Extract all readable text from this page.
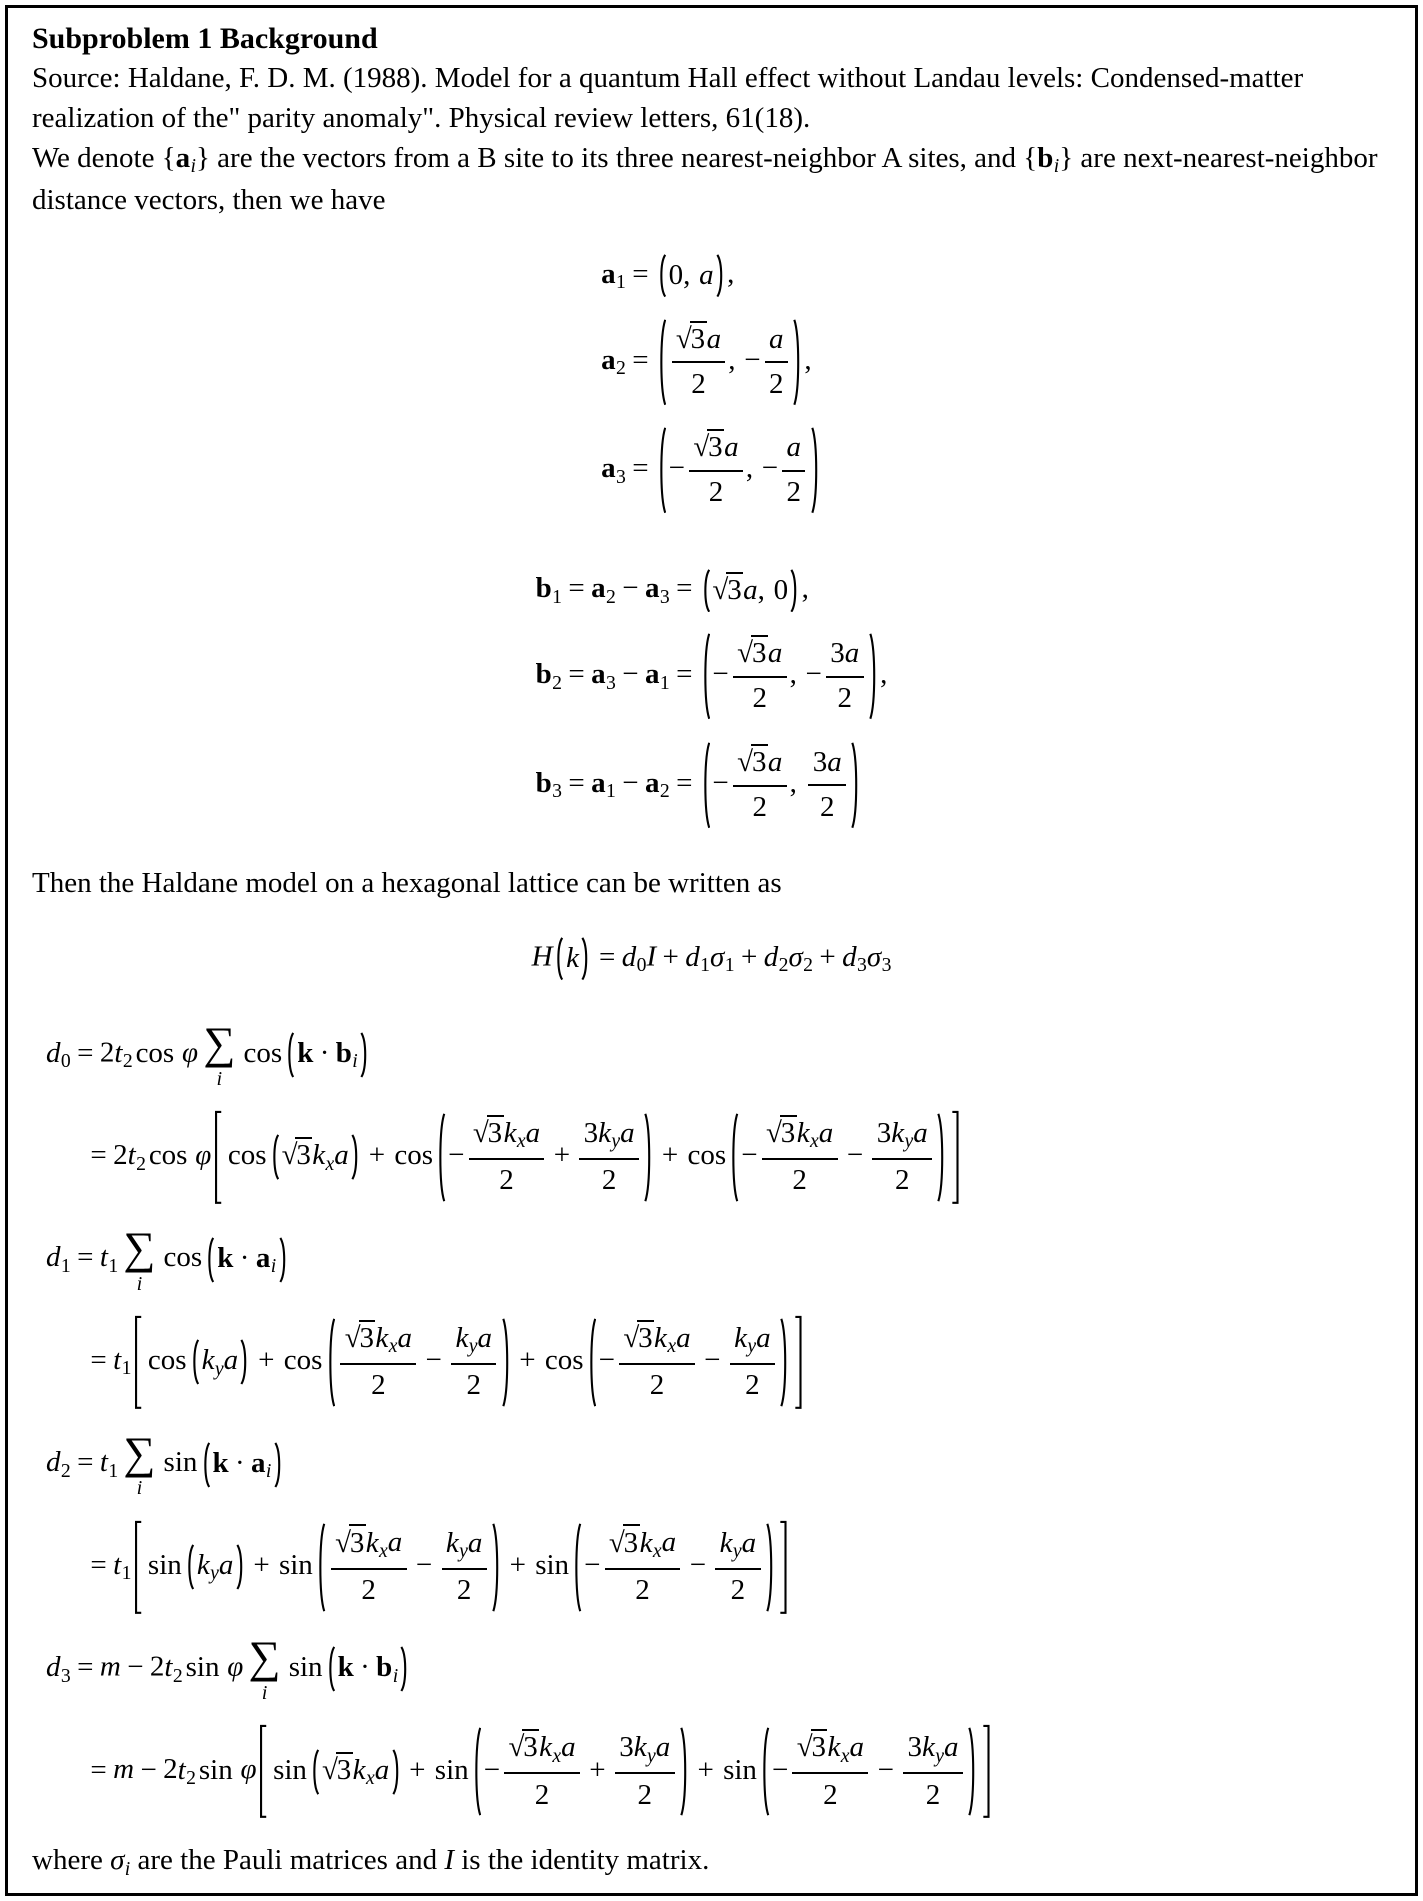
Subproblem 1 Background

Source: Haldane, F. D. M. (1988). Model for a quantum Hall effect without Landau levels: Condensed-matter realization of the" parity anomaly". Physical review letters, 61(18).

We denote {ai} are the vectors from a B site to its three nearest-neighbor A sites, and {bi} are next-nearest-neighbor distance vectors, then we have

a1 = 0, a ,
$a2 = \frac{√3a}{2}$ , − $\frac{a}{2}$ ,
a3 = − $\frac{√3a}{2}$ , − $\frac{a}{2}$
b1 = a2 − a3 = √3a, 0 ,
b2 = a3 − a1 = − $\frac{√3a}{2}$ , − $\frac{3a}{2}$ ,
b3 = a1 − a2 = − $\frac{√3a}{2}$ , $\frac{3a}{2}$

Then the Haldane model on a hexagonal lattice can be written as

H k = d0I + d1σ1 + d2σ2 + d3σ3
d0 = 2t2cos φ ∑
i
cos k · bi
= 2t2cos φ $\cos √3kxa + \cos - \frac{\text{√3kxa}}{2} + \frac{\text{3kya}}{2} + \cos - \frac{\text{√3kxa}}{2} - \frac{\text{3kya}}{2}$
d1 = t1 ∑
i
cos k · ai
= t1 cos kya + $\cos \frac{\text{√3kxa}}{2} - \frac{\text{kya}}{2} + \cos - \frac{\text{√3kxa}}{2} - \frac{\text{kya}}{2}$
d2 = t1 ∑
i
sin k · ai
= t1 sin kya + $\sin \frac{\text{√3kxa}}{2} - \frac{\text{kya}}{2} + \sin - \frac{\text{√3kxa}}{2} - \frac{\text{kya}}{2}$
d3 = m − 2t2sin φ ∑
i
sin k · bi
= m − 2t2sin φ $\sin √3kxa + \sin - \frac{\text{√3kxa}}{2} + \frac{\text{3kya}}{2} + \sin - \frac{\text{√3kxa}}{2} - \frac{\text{3kya}}{2}$

where σi are the Pauli matrices and I is the identity matrix.
